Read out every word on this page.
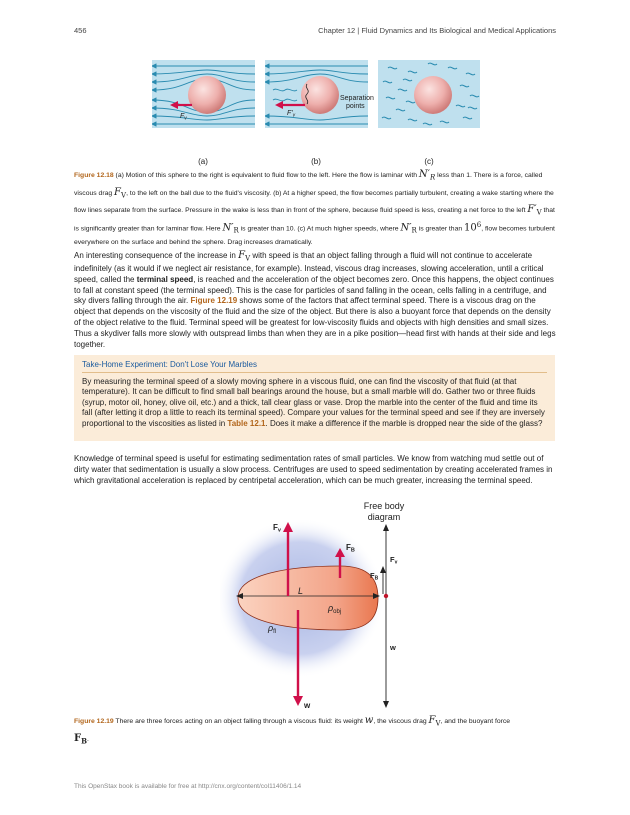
456	Chapter 12 | Fluid Dynamics and Its Biological and Medical Applications
$F_v$
$F'_v$
Separation
points
(a)	(b)	(c)
Figure 12.18 (a) Motion of this sphere to the right is equivalent to fluid flow to the left. Here the flow is laminar with $N'_R$ less than 1. There is a force, called viscous drag $F_V$, to the left on the ball due to the fluid's viscosity. (b) At a higher speed, the flow becomes partially turbulent, creating a wake starting where the flow lines separate from the surface. Pressure in the wake is less than in front of the sphere, because fluid speed is less, creating a net force to the left $F'_V$ that is significantly greater than for laminar flow. Here $N'_R$ is greater than 10. (c) At much higher speeds, where $N'_R$ is greater than $10^6$, flow becomes turbulent everywhere on the surface and behind the sphere. Drag increases dramatically.
An interesting consequence of the increase in $F_V$ with speed is that an object falling through a fluid will not continue to accelerate indefinitely (as it would if we neglect air resistance, for example). Instead, viscous drag increases, slowing acceleration, until a critical speed, called the terminal speed, is reached and the acceleration of the object becomes zero. Once this happens, the object continues to fall at constant speed (the terminal speed). This is the case for particles of sand falling in the ocean, cells falling in a centrifuge, and sky divers falling through the air. Figure 12.19 shows some of the factors that affect terminal speed. There is a viscous drag on the object that depends on the viscosity of the fluid and the size of the object. But there is also a buoyant force that depends on the density of the object relative to the fluid. Terminal speed will be greatest for low-viscosity fluids and objects with high densities and small sizes. Thus a skydiver falls more slowly with outspread limbs than when they are in a pike position—head first with hands at their side and legs together.
Take-Home Experiment: Don't Lose Your Marbles
By measuring the terminal speed of a slowly moving sphere in a viscous fluid, one can find the viscosity of that fluid (at that temperature). It can be difficult to find small ball bearings around the house, but a small marble will do. Gather two or three fluids (syrup, motor oil, honey, olive oil, etc.) and a thick, tall clear glass or vase. Drop the marble into the center of the fluid and time its fall (after letting it drop a little to reach its terminal speed). Compare your values for the terminal speed and see if they are inversely proportional to the viscosities as listed in Table 12.1. Does it make a difference if the marble is dropped near the side of the glass?
Knowledge of terminal speed is useful for estimating sedimentation rates of small particles. We know from watching mud settle out of dirty water that sedimentation is usually a slow process. Centrifuges are used to speed sedimentation by creating accelerated frames in which gravitational acceleration is replaced by centripetal acceleration, which can be much greater, increasing the terminal speed.
L
$\rho_{obj}$
$\rho_{fl}$
Fv
FB
w
Free body
diagram
$F_v$
$F_B$
w
Figure 12.19 There are three forces acting on an object falling through a viscous fluid: its weight w, the viscous drag $F_V$, and the buoyant force
$F_B$.
This OpenStax book is available for free at http://cnx.org/content/col11406/1.14
